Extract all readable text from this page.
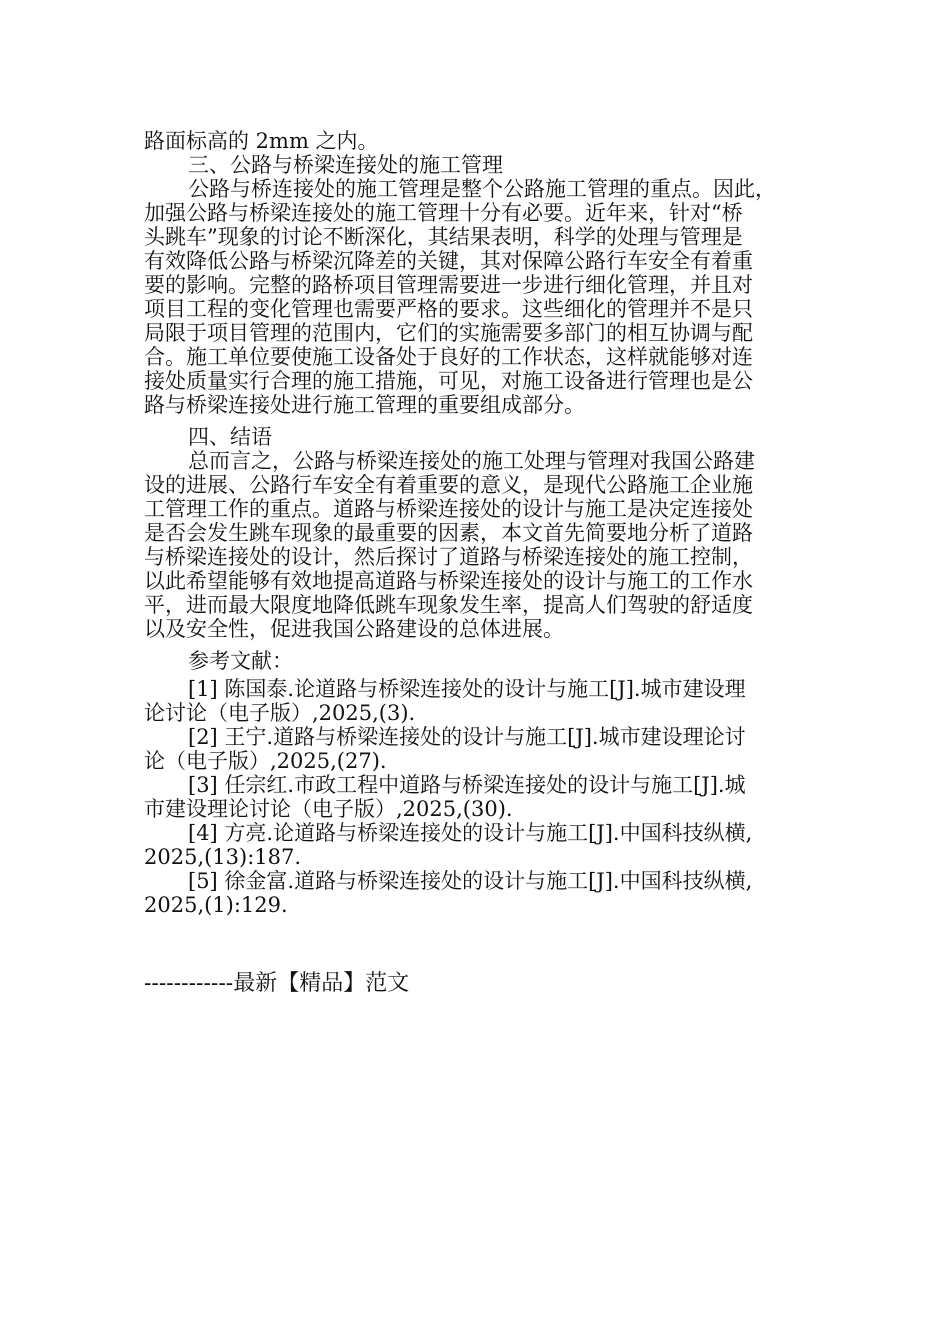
路面标高的 2mm 之内。
三、公路与桥梁连接处的施工管理
公路与桥连接处的施工管理是整个公路施工管理的重点。因此，
加强公路与桥梁连接处的施工管理十分有必要。近年来，针对“桥
头跳车”现象的讨论不断深化，其结果表明，科学的处理与管理是
有效降低公路与桥梁沉降差的关键，其对保障公路行车安全有着重
要的影响。完整的路桥项目管理需要进一步进行细化管理，并且对
项目工程的变化管理也需要严格的要求。这些细化的管理并不是只
局限于项目管理的范围内，它们的实施需要多部门的相互协调与配
合。施工单位要使施工设备处于良好的工作状态，这样就能够对连
接处质量实行合理的施工措施，可见，对施工设备进行管理也是公
路与桥梁连接处进行施工管理的重要组成部分。
四、结语
总而言之，公路与桥梁连接处的施工处理与管理对我国公路建
设的进展、公路行车安全有着重要的意义，是现代公路施工企业施
工管理工作的重点。道路与桥梁连接处的设计与施工是决定连接处
是否会发生跳车现象的最重要的因素，本文首先简要地分析了道路
与桥梁连接处的设计，然后探讨了道路与桥梁连接处的施工控制，
以此希望能够有效地提高道路与桥梁连接处的设计与施工的工作水
平，进而最大限度地降低跳车现象发生率，提高人们驾驶的舒适度
以及安全性，促进我国公路建设的总体进展。
参考文献：
[1] 陈国泰.论道路与桥梁连接处的设计与施工[J].城市建设理
论讨论（电子版）,2025,(3).
[2] 王宁.道路与桥梁连接处的设计与施工[J].城市建设理论讨
论（电子版）,2025,(27).
[3] 任宗红.市政工程中道路与桥梁连接处的设计与施工[J].城
市建设理论讨论（电子版）,2025,(30).
[4] 方亮.论道路与桥梁连接处的设计与施工[J].中国科技纵横,
2025,(13):187.
[5] 徐金富.道路与桥梁连接处的设计与施工[J].中国科技纵横,
2025,(1):129.
------------最新【精品】范文
